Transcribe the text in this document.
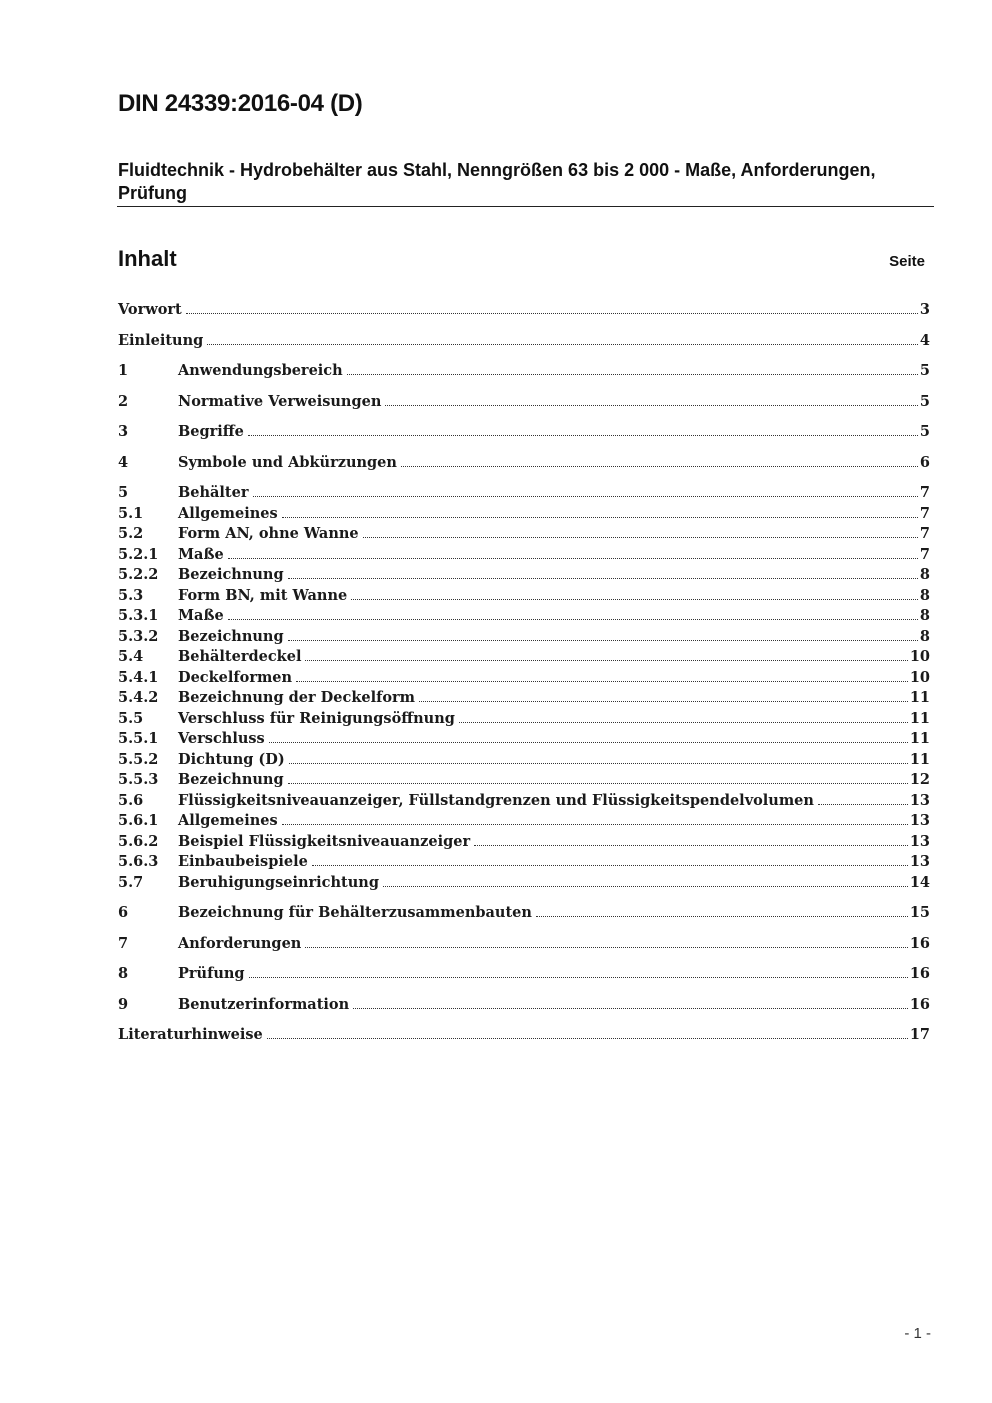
DIN 24339:2016-04 (D)
Fluidtechnik - Hydrobehälter aus Stahl, Nenngrößen 63 bis 2 000 - Maße, Anforderungen, Prüfung
Inhalt	Seite
Vorwort	3
Einleitung	4
1	Anwendungsbereich	5
2	Normative Verweisungen	5
3	Begriffe	5
4	Symbole und Abkürzungen	6
5	Behälter	7
5.1	Allgemeines	7
5.2	Form AN, ohne Wanne	7
5.2.1	Maße	7
5.2.2	Bezeichnung	8
5.3	Form BN, mit Wanne	8
5.3.1	Maße	8
5.3.2	Bezeichnung	8
5.4	Behälterdeckel	10
5.4.1	Deckelformen	10
5.4.2	Bezeichnung der Deckelform	11
5.5	Verschluss für Reinigungsöffnung	11
5.5.1	Verschluss	11
5.5.2	Dichtung (D)	11
5.5.3	Bezeichnung	12
5.6	Flüssigkeitsniveauanzeiger, Füllstandgrenzen und Flüssigkeitspendelvolumen	13
5.6.1	Allgemeines	13
5.6.2	Beispiel Flüssigkeitsniveauanzeiger	13
5.6.3	Einbaubeispiele	13
5.7	Beruhigungseinrichtung	14
6	Bezeichnung für Behälterzusammenbauten	15
7	Anforderungen	16
8	Prüfung	16
9	Benutzerinformation	16
Literaturhinweise	17
- 1 -
